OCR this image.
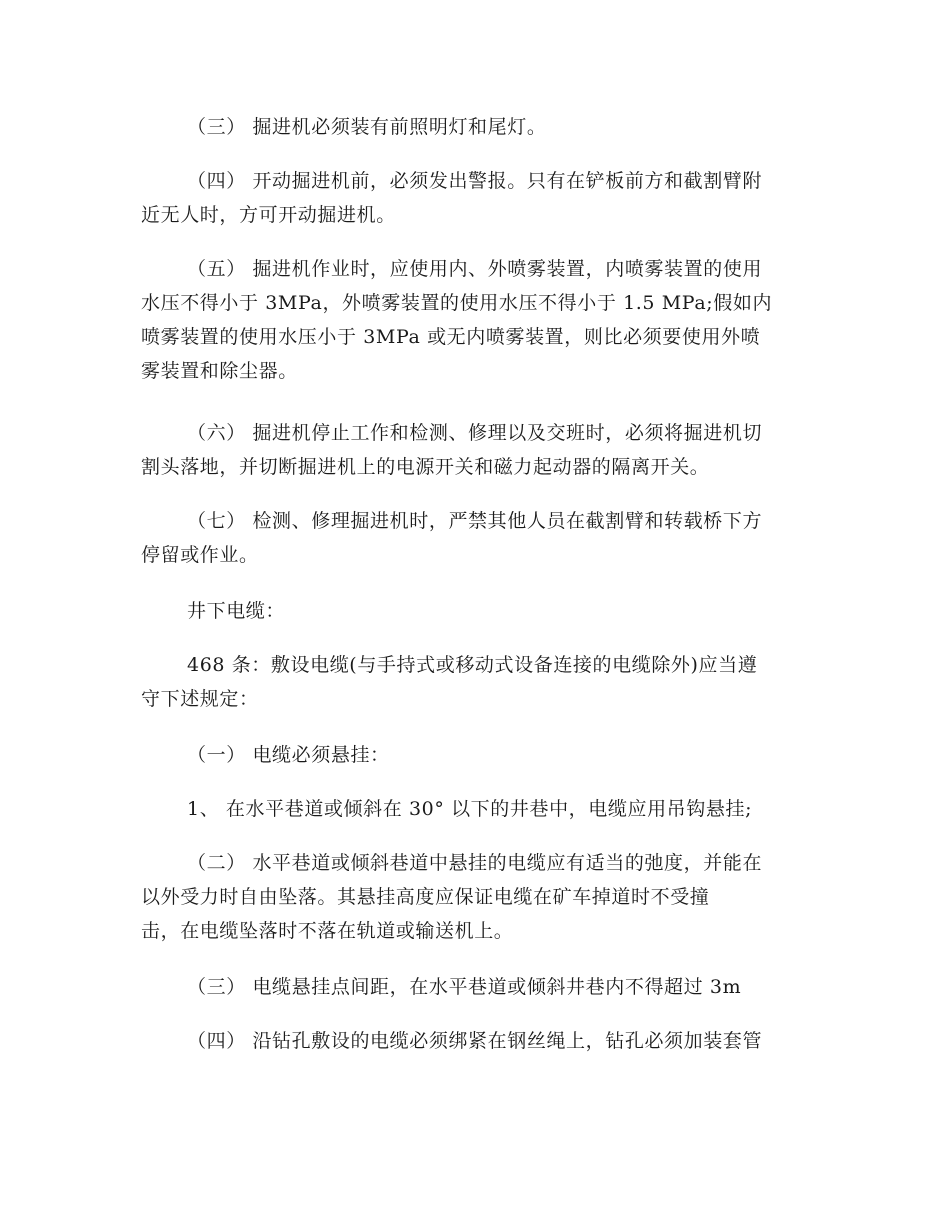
（三） 掘进机必须装有前照明灯和尾灯。
（四） 开动掘进机前，必须发出警报。只有在铲板前方和截割臂附
近无人时，方可开动掘进机。
（五） 掘进机作业时，应使用内、外喷雾装置，内喷雾装置的使用
水压不得小于 3MPa，外喷雾装置的使用水压不得小于 1.5 MPa;假如内
喷雾装置的使用水压小于 3MPa 或无内喷雾装置，则比必须要使用外喷
雾装置和除尘器。
（六） 掘进机停止工作和检测、修理以及交班时，必须将掘进机切
割头落地，并切断掘进机上的电源开关和磁力起动器的隔离开关。
（七） 检测、修理掘进机时，严禁其他人员在截割臂和转载桥下方
停留或作业。
井下电缆：
468 条：敷设电缆(与手持式或移动式设备连接的电缆除外)应当遵
守下述规定：
（一） 电缆必须悬挂：
1、 在水平巷道或倾斜在 30° 以下的井巷中，电缆应用吊钩悬挂;
（二） 水平巷道或倾斜巷道中悬挂的电缆应有适当的弛度，并能在
以外受力时自由坠落。其悬挂高度应保证电缆在矿车掉道时不受撞
击，在电缆坠落时不落在轨道或输送机上。
（三） 电缆悬挂点间距，在水平巷道或倾斜井巷内不得超过 3m
（四） 沿钻孔敷设的电缆必须绑紧在钢丝绳上，钻孔必须加装套管
